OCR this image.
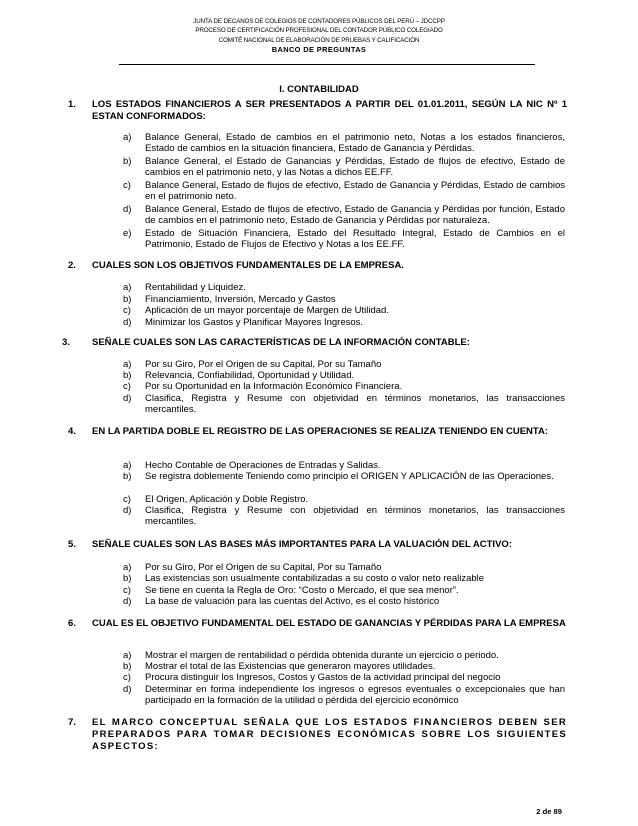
JUNTA DE DECANOS DE COLEGIOS DE CONTADORES PÚBLICOS DEL PERÚ – JDCCPP
PROCESO DE CERTIFICACIÓN PROFESIONAL DEL CONTADOR PÚBLICO COLEGIADO
COMITÉ NACIONAL DE ELABORACIÓN DE PRUEBAS Y CALIFICACIÓN
BANCO DE PREGUNTAS
I. CONTABILIDAD
1. LOS ESTADOS FINANCIEROS A SER PRESENTADOS A PARTIR DEL 01.01.2011, SEGÚN LA NIC Nº 1 ESTAN CONFORMADOS:
a) Balance General, Estado de cambios en el patrimonio neto, Notas a los estados financieros, Estado de cambios en la situación financiera, Estado de Ganancia y Pérdidas.
b) Balance General, el Estado de Ganancias y Pérdidas, Estado de flujos de efectivo, Estado de cambios en el patrimonio neto, y las Notas a dichos EE.FF.
c) Balance General, Estado de flujos de efectivo, Estado de Ganancia y Pérdidas, Estado de cambios en el patrimonio neto.
d) Balance General, Estado de flujos de efectivo, Estado de Ganancia y Pérdidas por función, Estado de cambios en el patrimonio neto, Estado de Ganancia y Pérdidas por naturaleza.
e) Estado de Situación Financiera, Estado del Resultado Integral, Estado de Cambios en el Patrimonio, Estado de Flujos de Efectivo y Notas a los EE.FF.
2. CUALES SON LOS OBJETIVOS FUNDAMENTALES DE LA EMPRESA.
a) Rentabilidad y Liquidez.
b) Financiamiento, Inversión, Mercado y Gastos
c) Aplicación de un mayor porcentaje de Margen de Utilidad.
d) Minimizar los Gastos y Planificar Mayores Ingresos.
3. SEÑALE CUALES SON LAS CARACTERÍSTICAS DE LA INFORMACIÓN CONTABLE:
a) Por su Giro, Por el Origen de su Capital, Por su Tamaño
b) Relevancia, Confiabilidad, Oportunidad y Utilidad.
c) Por su Oportunidad en la Información Económico Financiera.
d) Clasifica, Registra y Resume con objetividad en términos monetarios, las transacciones mercantiles.
4. EN LA PARTIDA DOBLE EL REGISTRO DE LAS OPERACIONES SE REALIZA TENIENDO EN CUENTA:
a) Hecho Contable de Operaciones de Entradas y Salidas.
b) Se registra doblemente Teniendo como principio el ORIGEN Y APLICACIÓN de las Operaciones.
c) El Origen, Aplicación y Doble Registro.
d) Clasifica, Registra y Resume con objetividad en términos monetarios, las transacciones mercantiles.
5. SEÑALE CUALES SON LAS BASES MÁS IMPORTANTES PARA LA VALUACIÓN DEL ACTIVO:
a) Por su Giro, Por el Origen de su Capital, Por su Tamaño
b) Las existencias son usualmente contabilizadas a su costo o valor neto realizable
c) Se tiene en cuenta la Regla de Oro: “Costo o Mercado, el que sea menor”.
d) La base de valuación para las cuentas del Activo, es el costo histórico
6. CUAL ES EL OBJETIVO FUNDAMENTAL DEL ESTADO DE GANANCIAS Y PÉRDIDAS PARA LA EMPRESA
a) Mostrar el margen de rentabilidad o pérdida obtenida durante un ejercicio o periodo.
b) Mostrar el total de las Existencias que generaron mayores utilidades.
c) Procura distinguir los Ingresos, Costos y Gastos de la actividad principal del negocio
d) Determinar en forma independiente los ingresos o egresos eventuales o excepcionales que han participado en la formación de la utilidad o pérdida del ejercicio económico
7. EL MARCO CONCEPTUAL SEÑALA QUE LOS ESTADOS FINANCIEROS DEBEN SER PREPARADOS PARA TOMAR DECISIONES ECONÓMICAS SOBRE LOS SIGUIENTES ASPECTOS:
2 de 89
